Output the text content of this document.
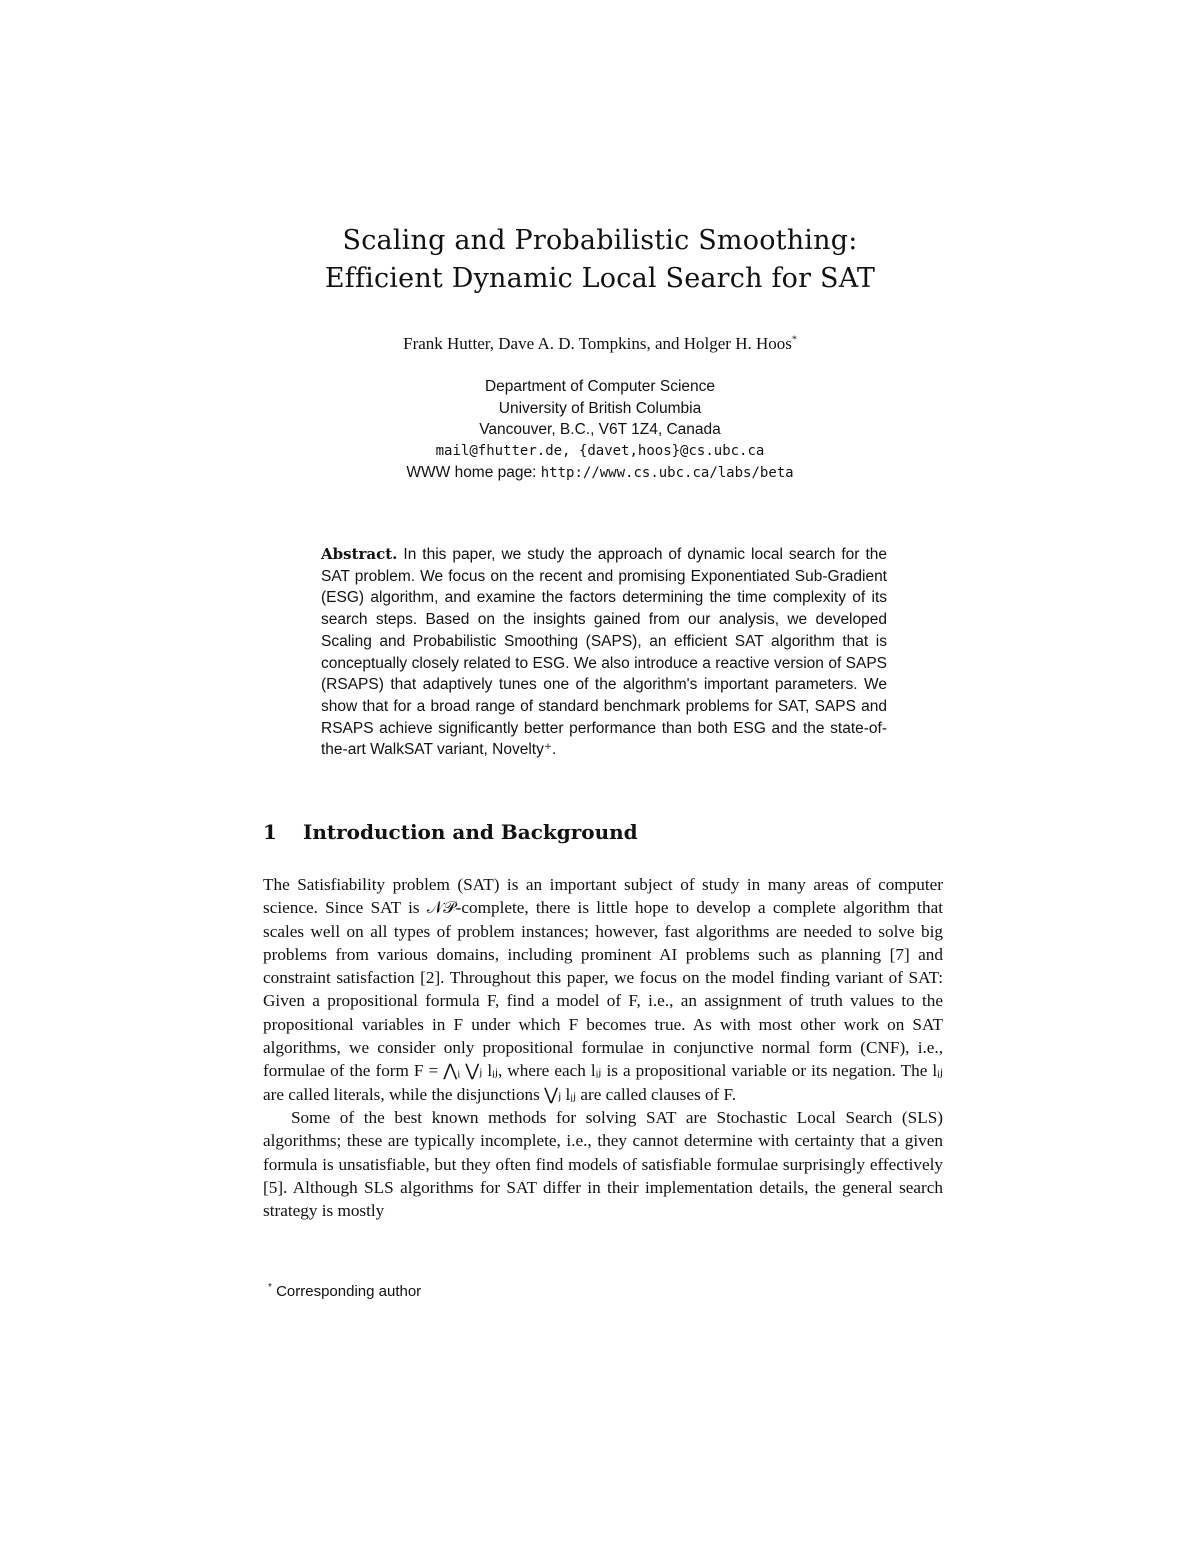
Scaling and Probabilistic Smoothing:
Efficient Dynamic Local Search for SAT
Frank Hutter, Dave A. D. Tompkins, and Holger H. Hoos*
Department of Computer Science
University of British Columbia
Vancouver, B.C., V6T 1Z4, Canada
mail@fhutter.de, {davet,hoos}@cs.ubc.ca
WWW home page: http://www.cs.ubc.ca/labs/beta
Abstract. In this paper, we study the approach of dynamic local search for the SAT problem. We focus on the recent and promising Exponentiated Sub-Gradient (ESG) algorithm, and examine the factors determining the time complexity of its search steps. Based on the insights gained from our analysis, we developed Scaling and Probabilistic Smoothing (SAPS), an efficient SAT algorithm that is conceptually closely related to ESG. We also introduce a reactive version of SAPS (RSAPS) that adaptively tunes one of the algorithm's important parameters. We show that for a broad range of standard benchmark problems for SAT, SAPS and RSAPS achieve significantly better performance than both ESG and the state-of-the-art WalkSAT variant, Novelty⁺.
1 Introduction and Background

The Satisfiability problem (SAT) is an important subject of study in many areas of computer science. Since SAT is 𝒩𝒫-complete, there is little hope to develop a complete algorithm that scales well on all types of problem instances; however, fast algorithms are needed to solve big problems from various domains, including prominent AI problems such as planning [7] and constraint satisfaction [2]. Throughout this paper, we focus on the model finding variant of SAT: Given a propositional formula F, find a model of F, i.e., an assignment of truth values to the propositional variables in F under which F becomes true. As with most other work on SAT algorithms, we consider only propositional formulae in conjunctive normal form (CNF), i.e., formulae of the form F = ⋀ᵢ ⋁ⱼ lᵢⱼ, where each lᵢⱼ is a propositional variable or its negation. The lᵢⱼ are called literals, while the disjunctions ⋁ⱼ lᵢⱼ are called clauses of F.

Some of the best known methods for solving SAT are Stochastic Local Search (SLS) algorithms; these are typically incomplete, i.e., they cannot determine with certainty that a given formula is unsatisfiable, but they often find models of satisfiable formulae surprisingly effectively [5]. Although SLS algorithms for SAT differ in their implementation details, the general search strategy is mostly

* Corresponding author
